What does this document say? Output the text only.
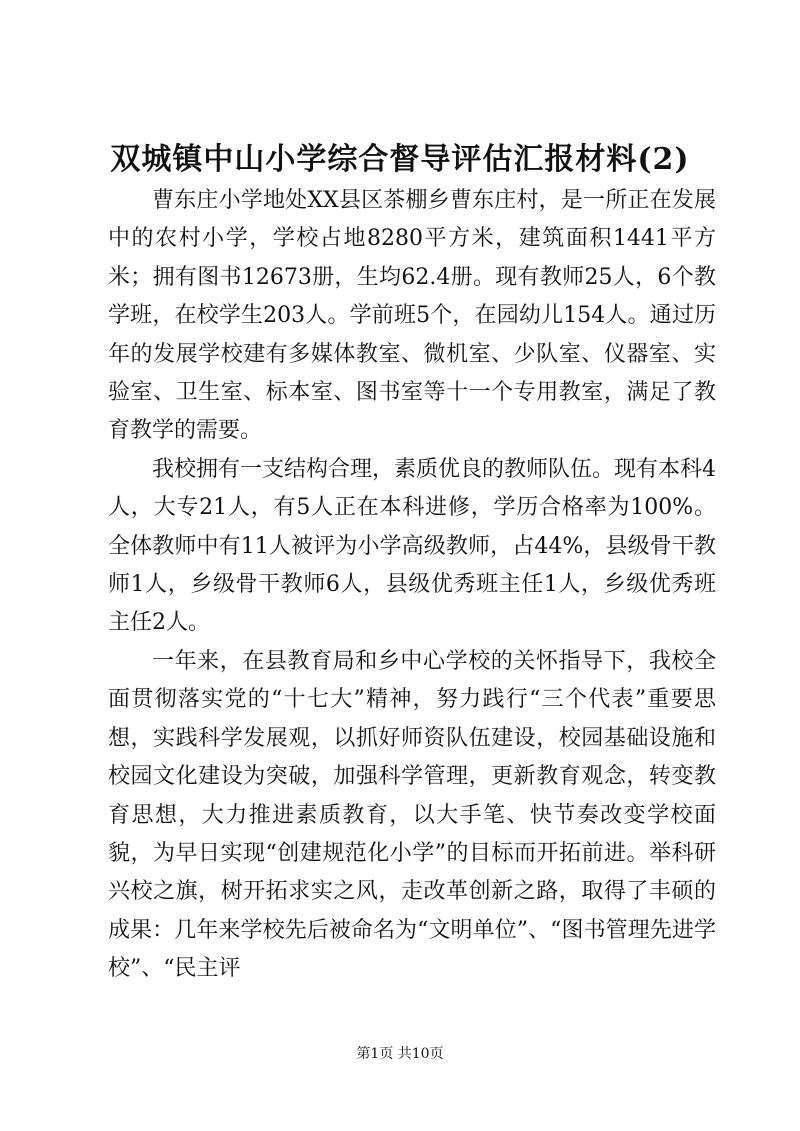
双城镇中山小学综合督导评估汇报材料(2)

曹东庄小学地处XX县区茶棚乡曹东庄村，是一所正在发展中的农村小学，学校占地8280平方米，建筑面积1441平方米；拥有图书12673册，生均62.4册。现有教师25人，6个教学班，在校学生203人。学前班5个，在园幼儿154人。通过历年的发展学校建有多媒体教室、微机室、少队室、仪器室、实验室、卫生室、标本室、图书室等十一个专用教室，满足了教育教学的需要。

我校拥有一支结构合理，素质优良的教师队伍。现有本科4人，大专21人，有5人正在本科进修，学历合格率为100%。全体教师中有11人被评为小学高级教师，占44%，县级骨干教师1人，乡级骨干教师6人，县级优秀班主任1人，乡级优秀班主任2人。

一年来，在县教育局和乡中心学校的关怀指导下，我校全面贯彻落实党的“十七大”精神，努力践行“三个代表”重要思想，实践科学发展观，以抓好师资队伍建设，校园基础设施和校园文化建设为突破，加强科学管理，更新教育观念，转变教育思想，大力推进素质教育，以大手笔、快节奏改变学校面貌，为早日实现“创建规范化小学”的目标而开拓前进。举科研兴校之旗，树开拓求实之风，走改革创新之路，取得了丰硕的成果：几年来学校先后被命名为“文明单位”、“图书管理先进学校”、“民主评

第1页 共10页
